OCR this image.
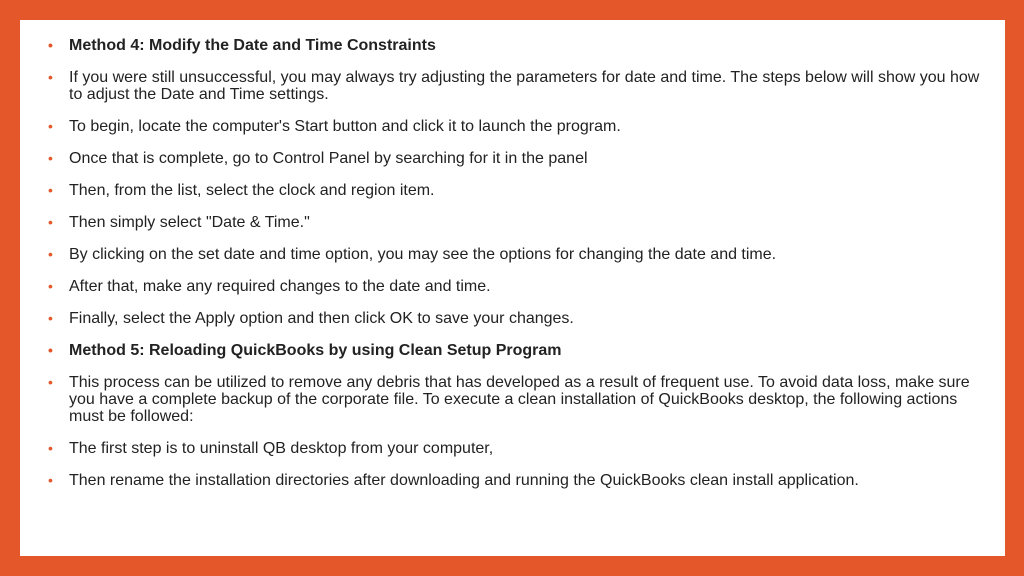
• Method 4: Modify the Date and Time Constraints
• If you were still unsuccessful, you may always try adjusting the parameters for date and time. The steps below will show you how to adjust the Date and Time settings.
• To begin, locate the computer's Start button and click it to launch the program.
• Once that is complete, go to Control Panel by searching for it in the panel
• Then, from the list, select the clock and region item.
• Then simply select "Date & Time."
• By clicking on the set date and time option, you may see the options for changing the date and time.
• After that, make any required changes to the date and time.
• Finally, select the Apply option and then click OK to save your changes.
• Method 5: Reloading QuickBooks by using Clean Setup Program
• This process can be utilized to remove any debris that has developed as a result of frequent use. To avoid data loss, make sure you have a complete backup of the corporate file. To execute a clean installation of QuickBooks desktop, the following actions must be followed:
• The first step is to uninstall QB desktop from your computer,
• Then rename the installation directories after downloading and running the QuickBooks clean install application.
